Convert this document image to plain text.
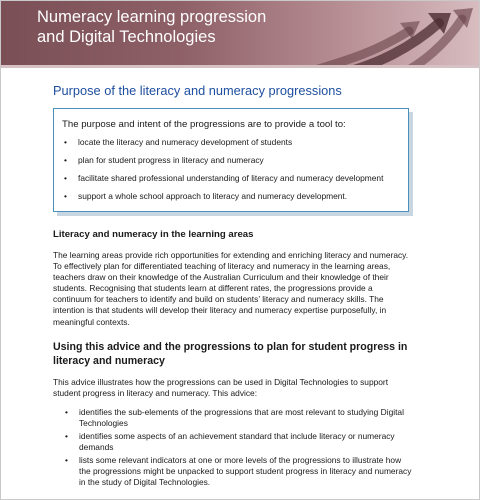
Numeracy learning progression
and Digital Technologies
Purpose of the literacy and numeracy progressions

The purpose and intent of the progressions are to provide a tool to:

• locate the literacy and numeracy development of students
• plan for student progress in literacy and numeracy
• facilitate shared professional understanding of literacy and numeracy development
• support a whole school approach to literacy and numeracy development.
Literacy and numeracy in the learning areas

The learning areas provide rich opportunities for extending and enriching literacy and numeracy. To effectively plan for differentiated teaching of literacy and numeracy in the learning areas, teachers draw on their knowledge of the Australian Curriculum and their knowledge of their students. Recognising that students learn at different rates, the progressions provide a continuum for teachers to identify and build on students’ literacy and numeracy skills. The intention is that students will develop their literacy and numeracy expertise purposefully, in meaningful contexts.

Using this advice and the progressions to plan for student progress in literacy and numeracy

This advice illustrates how the progressions can be used in Digital Technologies to support student progress in literacy and numeracy. This advice:

• identifies the sub-elements of the progressions that are most relevant to studying Digital Technologies
• identifies some aspects of an achievement standard that include literacy or numeracy demands
• lists some relevant indicators at one or more levels of the progressions to illustrate how the progressions might be unpacked to support student progress in literacy and numeracy in the study of Digital Technologies.
